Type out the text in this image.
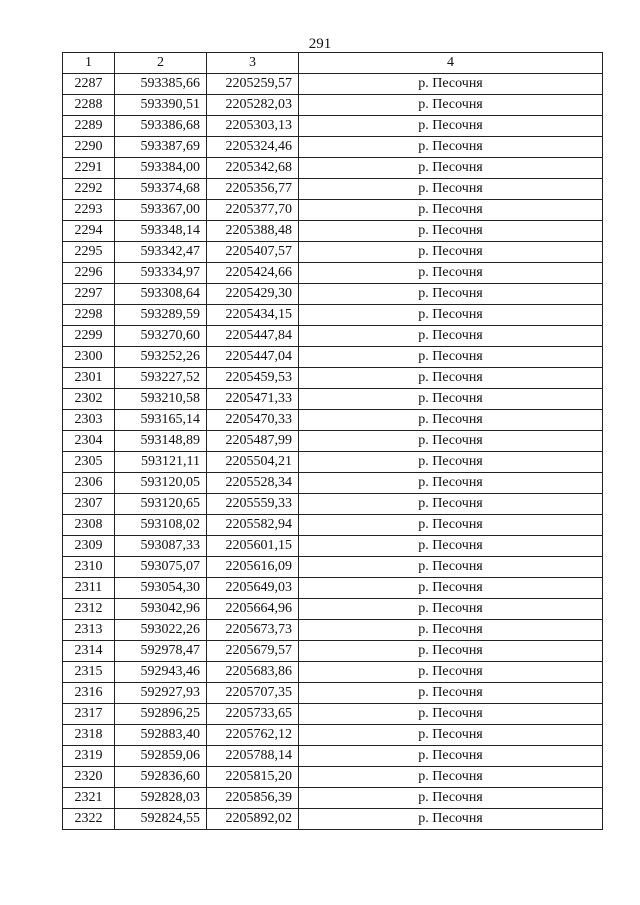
291
1	2	3	4
2287	593385,66	2205259,57	р. Песочня
2288	593390,51	2205282,03	р. Песочня
2289	593386,68	2205303,13	р. Песочня
2290	593387,69	2205324,46	р. Песочня
2291	593384,00	2205342,68	р. Песочня
2292	593374,68	2205356,77	р. Песочня
2293	593367,00	2205377,70	р. Песочня
2294	593348,14	2205388,48	р. Песочня
2295	593342,47	2205407,57	р. Песочня
2296	593334,97	2205424,66	р. Песочня
2297	593308,64	2205429,30	р. Песочня
2298	593289,59	2205434,15	р. Песочня
2299	593270,60	2205447,84	р. Песочня
2300	593252,26	2205447,04	р. Песочня
2301	593227,52	2205459,53	р. Песочня
2302	593210,58	2205471,33	р. Песочня
2303	593165,14	2205470,33	р. Песочня
2304	593148,89	2205487,99	р. Песочня
2305	593121,11	2205504,21	р. Песочня
2306	593120,05	2205528,34	р. Песочня
2307	593120,65	2205559,33	р. Песочня
2308	593108,02	2205582,94	р. Песочня
2309	593087,33	2205601,15	р. Песочня
2310	593075,07	2205616,09	р. Песочня
2311	593054,30	2205649,03	р. Песочня
2312	593042,96	2205664,96	р. Песочня
2313	593022,26	2205673,73	р. Песочня
2314	592978,47	2205679,57	р. Песочня
2315	592943,46	2205683,86	р. Песочня
2316	592927,93	2205707,35	р. Песочня
2317	592896,25	2205733,65	р. Песочня
2318	592883,40	2205762,12	р. Песочня
2319	592859,06	2205788,14	р. Песочня
2320	592836,60	2205815,20	р. Песочня
2321	592828,03	2205856,39	р. Песочня
2322	592824,55	2205892,02	р. Песочня
